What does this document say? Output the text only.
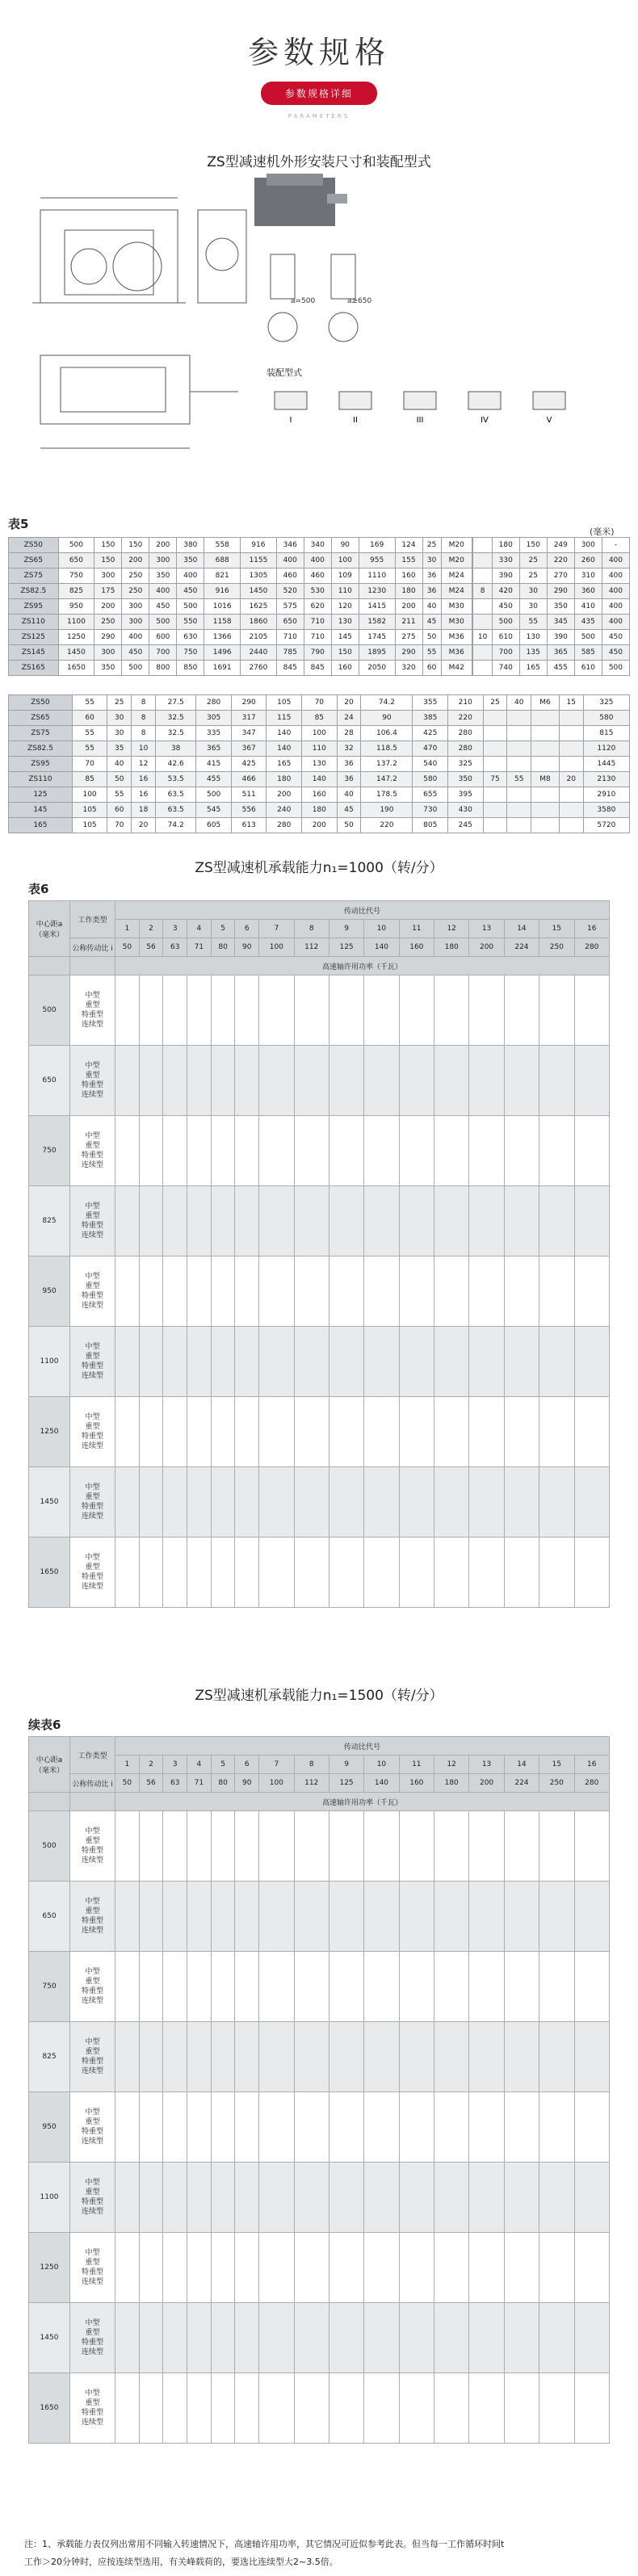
参数规格
参数规格详细
PARAMETERS
ZS型减速机外形安装尺寸和装配型式
a=500	a≥650
装配型式
I	II	III	IV	V
表5
(毫米)
ZS50	500	150	150	200	380	558	916	346	340	90	169	124	25	M20			180	150	249	300	-
ZS65	650	150	200	300	350	688	1155	400	400	100	955	155	30	M20			330	25	220	260	400
ZS75	750	300	250	350	400	821	1305	460	460	109	1110	160	36	M24			390	25	270	310	400
ZS82.5	825	175	250	400	450	916	1450	520	530	110	1230	180	36	M24		8	420	30	290	360	400
ZS95	950	200	300	450	500	1016	1625	575	620	120	1415	200	40	M30			450	30	350	410	400
ZS110	1100	250	300	500	550	1158	1860	650	710	130	1582	211	45	M30			500	55	345	435	400
ZS125	1250	290	400	600	630	1366	2105	710	710	145	1745	275	50	M36		10	610	130	390	500	450
ZS145	1450	300	450	700	750	1496	2440	785	790	150	1895	290	55	M36			700	135	365	585	450
ZS165	1650	350	500	800	850	1691	2760	845	845	160	2050	320	60	M42			740	165	455	610	500
ZS50	55	25	8	27.5	280	290	105	70	20	74.2	355	210	25	40	M6	15	325
ZS65	60	30	8	32.5	305	317	115	85	24	90	385	220					580
ZS75	55	30	8	32.5	335	347	140	100	28	106.4	425	280					815
ZS82.5	55	35	10	38	365	367	140	110	32	118.5	470	280					1120
ZS95	70	40	12	42.6	415	425	165	130	36	137.2	540	325					1445
ZS110	85	50	16	53.5	455	466	180	140	36	147.2	580	350	75	55	M8	20	2130
125	100	55	16	63.5	500	511	200	160	40	178.5	655	395					2910
145	105	60	18	63.5	545	556	240	180	45	190	730	430					3580
165	105	70	20	74.2	605	613	280	200	50	220	805	245					5720
ZS型减速机承载能力n₁=1000（转/分）
表6
中心距a（毫米）	工作类型	传动比代号															
		1	2	3	4	5	6	7	8	9	10	11	12	13	14	15	16
	公称传动比 i	50	56	63	71	80	90	100	112	125	140	160	180	200	224	250	280
		高速轴许用功率（千瓦）															
500	中型
重型
特重型
连续型																
650	中型
重型
特重型
连续型																
750	中型
重型
特重型
连续型																
825	中型
重型
特重型
连续型																
950	中型
重型
特重型
连续型																
1100	中型
重型
特重型
连续型																
1250	中型
重型
特重型
连续型																
1450	中型
重型
特重型
连续型																
1650	中型
重型
特重型
连续型																
ZS型减速机承载能力n₁=1500（转/分）
续表6
中心距a（毫米）	工作类型	传动比代号															
		1	2	3	4	5	6	7	8	9	10	11	12	13	14	15	16
	公称传动比 i	50	56	63	71	80	90	100	112	125	140	160	180	200	224	250	280
		高速轴许用功率（千瓦）															
500	中型
重型
特重型
连续型																
650	中型
重型
特重型
连续型																
750	中型
重型
特重型
连续型																
825	中型
重型
特重型
连续型																
950	中型
重型
特重型
连续型																
1100	中型
重型
特重型
连续型																
1250	中型
重型
特重型
连续型																
1450	中型
重型
特重型
连续型																
1650	中型
重型
特重型
连续型																
注：1、承载能力表仅列出常用不同输入转速情况下，高速轴许用功率，其它情况可近似参考此表。但当每一工作循环时间t
工作＞20分钟时，应按连续型选用，有关峰载荷的，要选比连续型大2~3.5倍。
